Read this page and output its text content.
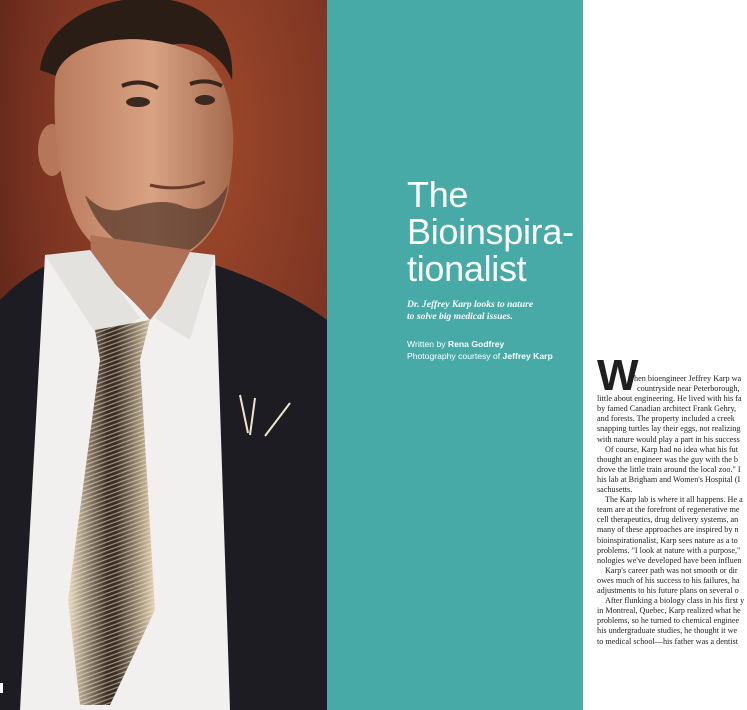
The
Bioinspira-
tionalist
Dr. Jeffrey Karp looks to nature
to solve big medical issues.
Written by Rena Godfrey
Photography courtesy of Jeffrey Karp W
hen bioengineer Jeffrey Karp wa
countryside near Peterborough,
little about engineering. He lived with his fa
by famed Canadian architect Frank Gehry,
and forests. The property included a creek
snapping turtles lay their eggs, not realizing
with nature would play a part in his success
Of course, Karp had no idea what his fut
thought an engineer was the guy with the b
drove the little train around the local zoo." I
his lab at Brigham and Women's Hospital (I
sachusetts.
The Karp lab is where it all happens. He a
team are at the forefront of regenerative me
cell therapeutics, drug delivery systems, an
many of these approaches are inspired by n
bioinspirationalist, Karp sees nature as a to
problems. "I look at nature with a purpose,"
nologies we've developed have been influen
Karp's career path was not smooth or dir
owes much of his success to his failures, ha
adjustments to his future plans on several o
After flunking a biology class in his first y
in Montreal, Quebec, Karp realized what he
problems, so he turned to chemical enginee
his undergraduate studies, he thought it we
to medical school—his father was a dentist
